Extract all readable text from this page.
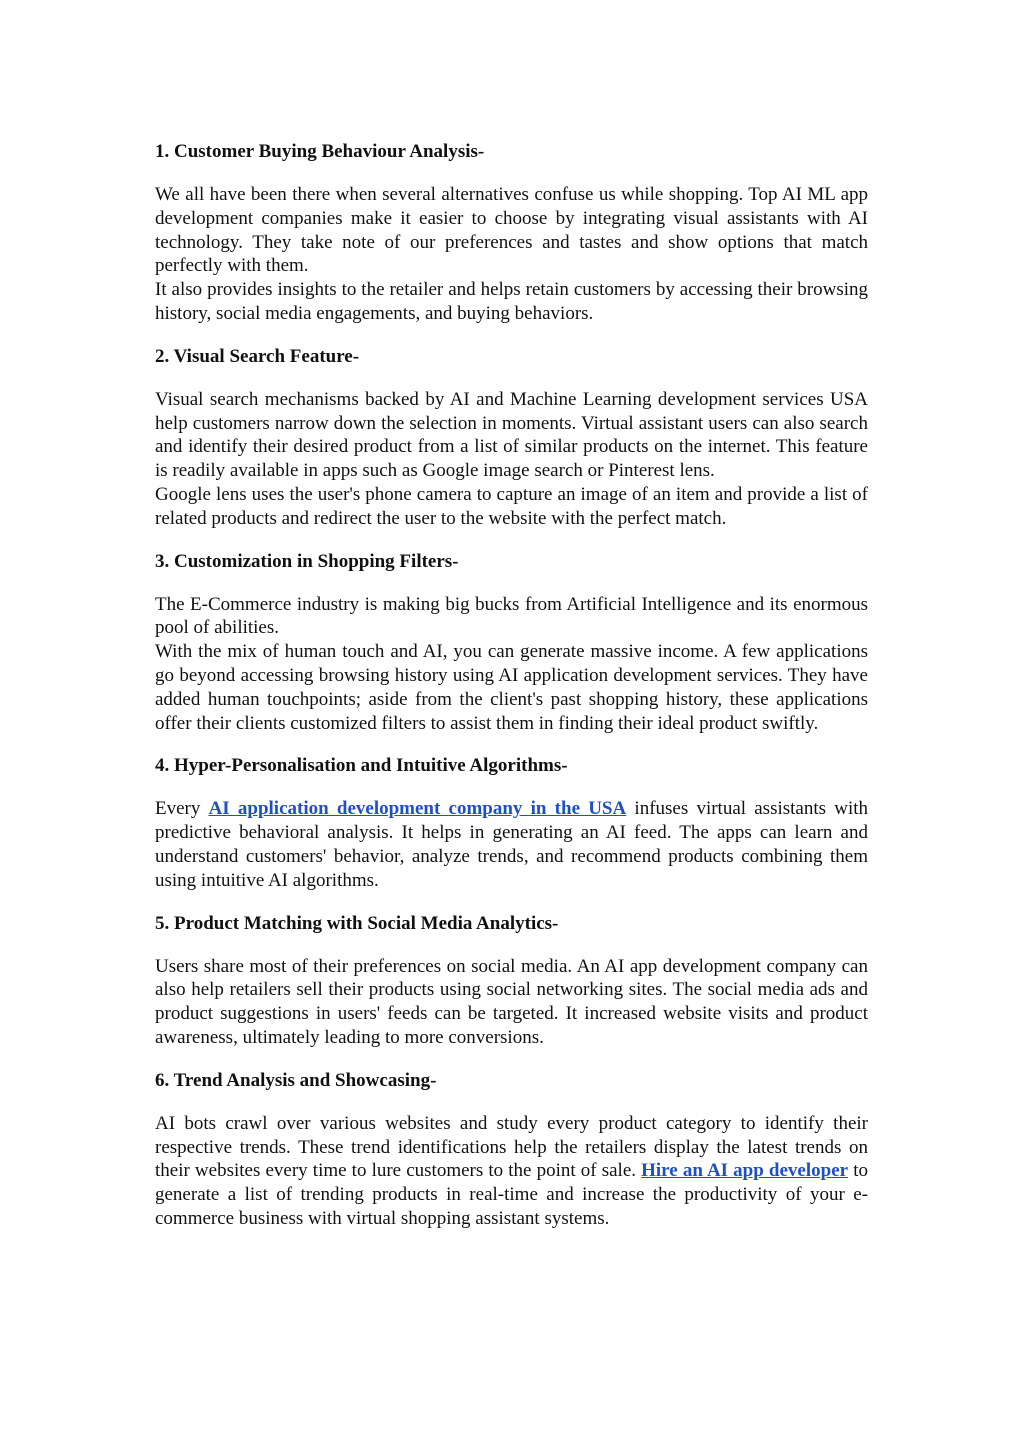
1. Customer Buying Behaviour Analysis-

We all have been there when several alternatives confuse us while shopping. Top AI ML app development companies make it easier to choose by integrating visual assistants with AI technology. They take note of our preferences and tastes and show options that match perfectly with them.

It also provides insights to the retailer and helps retain customers by accessing their browsing history, social media engagements, and buying behaviors.

2. Visual Search Feature-

Visual search mechanisms backed by AI and Machine Learning development services USA help customers narrow down the selection in moments. Virtual assistant users can also search and identify their desired product from a list of similar products on the internet. This feature is readily available in apps such as Google image search or Pinterest lens.

Google lens uses the user's phone camera to capture an image of an item and provide a list of related products and redirect the user to the website with the perfect match.

3. Customization in Shopping Filters-

The E-Commerce industry is making big bucks from Artificial Intelligence and its enormous pool of abilities.

With the mix of human touch and AI, you can generate massive income. A few applications go beyond accessing browsing history using AI application development services. They have added human touchpoints; aside from the client's past shopping history, these applications offer their clients customized filters to assist them in finding their ideal product swiftly.

4. Hyper-Personalisation and Intuitive Algorithms-

Every AI application development company in the USA infuses virtual assistants with predictive behavioral analysis. It helps in generating an AI feed. The apps can learn and understand customers' behavior, analyze trends, and recommend products combining them using intuitive AI algorithms.

5. Product Matching with Social Media Analytics-

Users share most of their preferences on social media. An AI app development company can also help retailers sell their products using social networking sites. The social media ads and product suggestions in users' feeds can be targeted. It increased website visits and product awareness, ultimately leading to more conversions.

6. Trend Analysis and Showcasing-

AI bots crawl over various websites and study every product category to identify their respective trends. These trend identifications help the retailers display the latest trends on their websites every time to lure customers to the point of sale. Hire an AI app developer to generate a list of trending products in real-time and increase the productivity of your e-commerce business with virtual shopping assistant systems.
